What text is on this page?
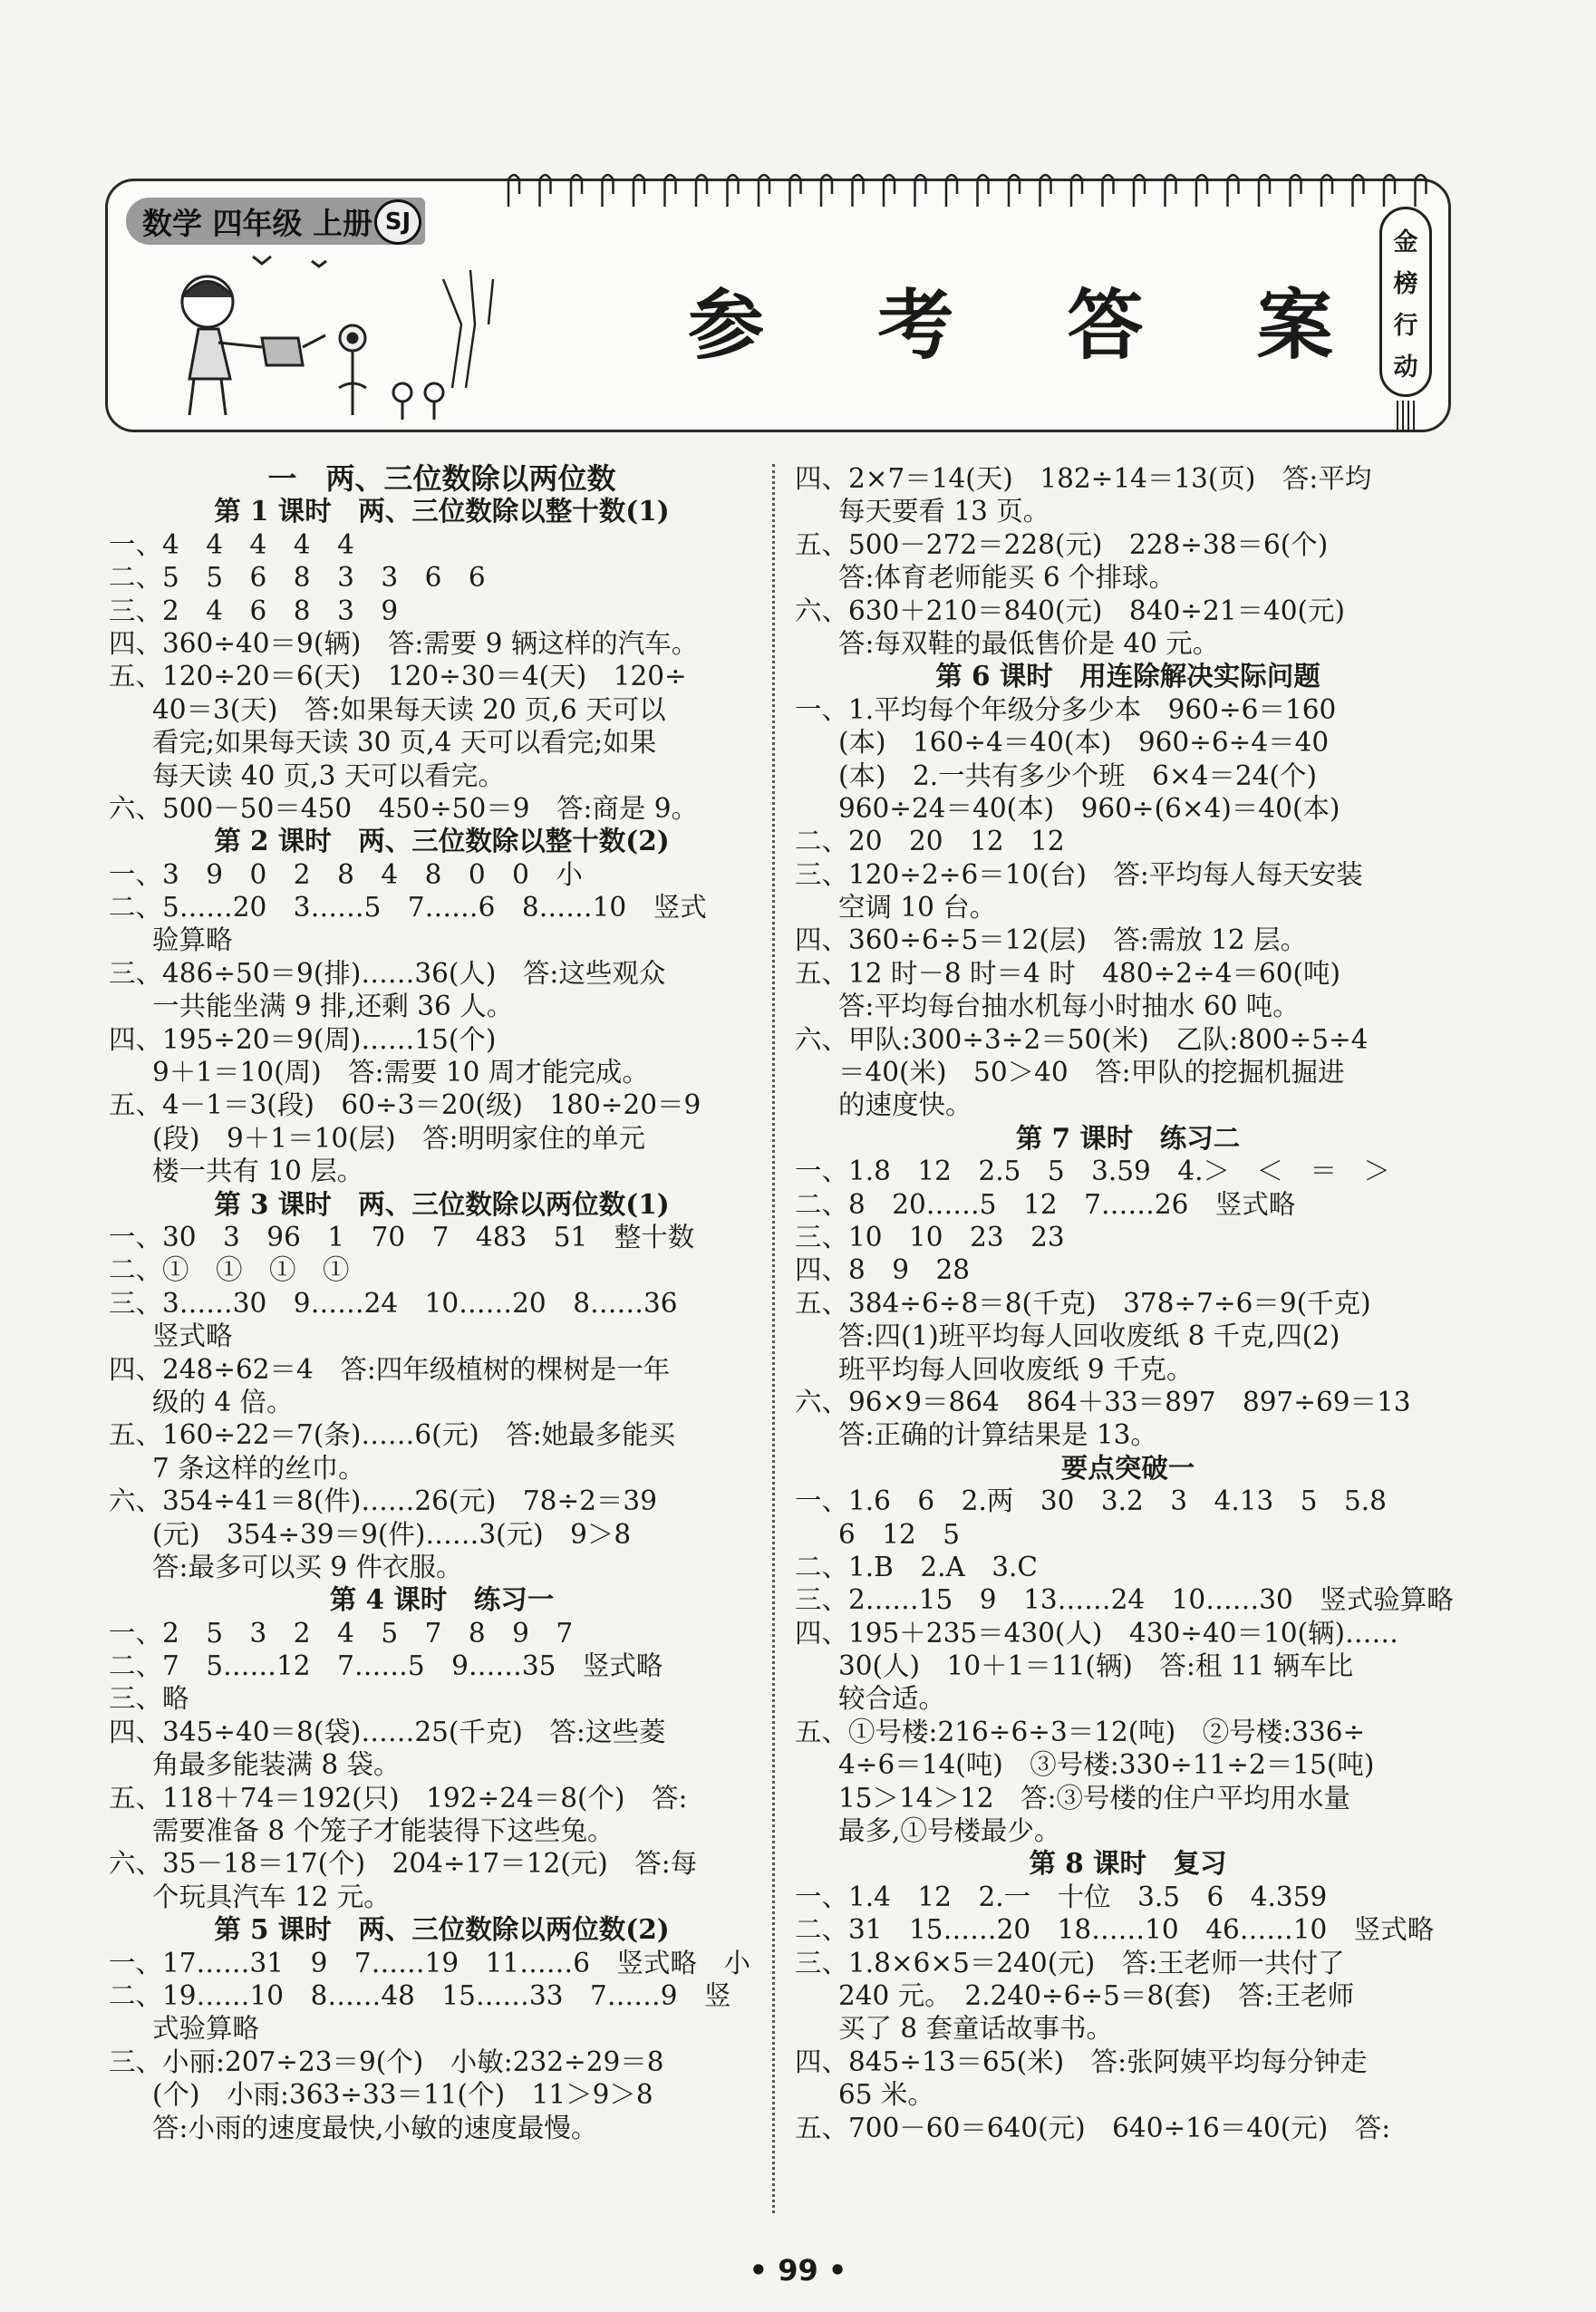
数学 四年级 上册 SJ
参 考 答 案
金
榜
行
动
一　两、三位数除以两位数
第 1 课时　两、三位数除以整十数(1)
一、4　4　4　4　4
二、5　5　6　8　3　3　6　6
三、2　4　6　8　3　9
四、360÷40＝9(辆)　答:需要 9 辆这样的汽车。
五、120÷20＝6(天)　120÷30＝4(天)　120÷
40＝3(天)　答:如果每天读 20 页,6 天可以
看完;如果每天读 30 页,4 天可以看完;如果
每天读 40 页,3 天可以看完。
六、500－50＝450　450÷50＝9　答:商是 9。
第 2 课时　两、三位数除以整十数(2)
一、3　9　0　2　8　4　8　0　0　小
二、5……20　3……5　7……6　8……10　竖式
验算略
三、486÷50＝9(排)……36(人)　答:这些观众
一共能坐满 9 排,还剩 36 人。
四、195÷20＝9(周)……15(个)
9＋1＝10(周)　答:需要 10 周才能完成。
五、4－1＝3(段)　60÷3＝20(级)　180÷20＝9
(段)　9＋1＝10(层)　答:明明家住的单元
楼一共有 10 层。
第 3 课时　两、三位数除以两位数(1)
一、30　3　96　1　70　7　483　51　整十数
二、①　①　①　①
三、3……30　9……24　10……20　8……36
竖式略
四、248÷62＝4　答:四年级植树的棵树是一年
级的 4 倍。
五、160÷22＝7(条)……6(元)　答:她最多能买
7 条这样的丝巾。
六、354÷41＝8(件)……26(元)　78÷2＝39
(元)　354÷39＝9(件)……3(元)　9＞8
答:最多可以买 9 件衣服。
第 4 课时　练习一
一、2　5　3　2　4　5　7　8　9　7
二、7　5……12　7……5　9……35　竖式略
三、略
四、345÷40＝8(袋)……25(千克)　答:这些菱
角最多能装满 8 袋。
五、118＋74＝192(只)　192÷24＝8(个)　答:
需要准备 8 个笼子才能装得下这些兔。
六、35－18＝17(个)　204÷17＝12(元)　答:每
个玩具汽车 12 元。
第 5 课时　两、三位数除以两位数(2)
一、17……31　9　7……19　11……6　竖式略　小
二、19……10　8……48　15……33　7……9　竖
式验算略
三、小丽:207÷23＝9(个)　小敏:232÷29＝8
(个)　小雨:363÷33＝11(个)　11＞9＞8
答:小雨的速度最快,小敏的速度最慢。
四、2×7＝14(天)　182÷14＝13(页)　答:平均
每天要看 13 页。
五、500－272＝228(元)　228÷38＝6(个)
答:体育老师能买 6 个排球。
六、630＋210＝840(元)　840÷21＝40(元)
答:每双鞋的最低售价是 40 元。
第 6 课时　用连除解决实际问题
一、1.平均每个年级分多少本　960÷6＝160
(本)　160÷4＝40(本)　960÷6÷4＝40
(本)　2.一共有多少个班　6×4＝24(个)
960÷24＝40(本)　960÷(6×4)＝40(本)
二、20　20　12　12
三、120÷2÷6＝10(台)　答:平均每人每天安装
空调 10 台。
四、360÷6÷5＝12(层)　答:需放 12 层。
五、12 时－8 时＝4 时　480÷2÷4＝60(吨)
答:平均每台抽水机每小时抽水 60 吨。
六、甲队:300÷3÷2＝50(米)　乙队:800÷5÷4
＝40(米)　50＞40　答:甲队的挖掘机掘进
的速度快。
第 7 课时　练习二
一、1.8　12　2.5　5　3.59　4.＞　＜　＝　＞
二、8　20……5　12　7……26　竖式略
三、10　10　23　23
四、8　9　28
五、384÷6÷8＝8(千克)　378÷7÷6＝9(千克)
答:四(1)班平均每人回收废纸 8 千克,四(2)
班平均每人回收废纸 9 千克。
六、96×9＝864　864＋33＝897　897÷69＝13
答:正确的计算结果是 13。
要点突破一
一、1.6　6　2.两　30　3.2　3　4.13　5　5.8
6　12　5
二、1.B　2.A　3.C
三、2……15　9　13……24　10……30　竖式验算略
四、195＋235＝430(人)　430÷40＝10(辆)……
30(人)　10＋1＝11(辆)　答:租 11 辆车比
较合适。
五、①号楼:216÷6÷3＝12(吨)　②号楼:336÷
4÷6＝14(吨)　③号楼:330÷11÷2＝15(吨)
15＞14＞12　答:③号楼的住户平均用水量
最多,①号楼最少。
第 8 课时　复习
一、1.4　12　2.一　十位　3.5　6　4.359
二、31　15……20　18……10　46……10　竖式略
三、1.8×6×5＝240(元)　答:王老师一共付了
240 元。　2.240÷6÷5＝8(套)　答:王老师
买了 8 套童话故事书。
四、845÷13＝65(米)　答:张阿姨平均每分钟走
65 米。
五、700－60＝640(元)　640÷16＝40(元)　答:
• 99 •
